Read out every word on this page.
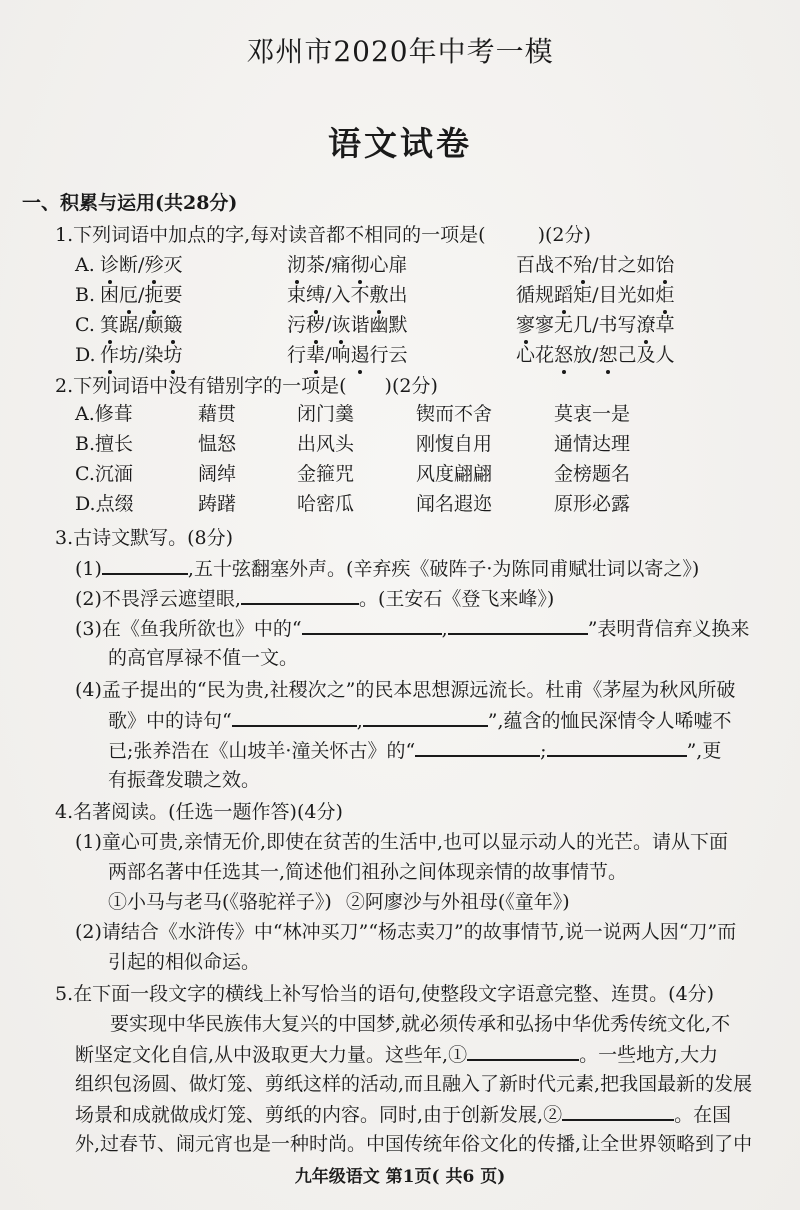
邓州市2020年中考一模
语文试卷
一、积累与运用(共28分)
1.下列词语中加点的字,每对读音都不相同的一项是(	)(2分)
A. 诊断/殄灭	沏茶/痛彻心扉	百战不殆/甘之如饴
B. 困厄/扼要	束缚/入不敷出	循规蹈矩/目光如炬
C. 箕踞/颠簸	污秽/诙谐幽默	寥寥无几/书写潦草
D. 作坊/染坊	行辈/响遏行云	心花怒放/恕己及人
2.下列词语中没有错别字的一项是( )(2分)
A.修葺	藉贯	闭门羹	锲而不舍	莫衷一是
B.擅长	愠怒	出风头	刚愎自用	通情达理
C.沉湎	阔绰	金箍咒	风度翩翩	金榜题名
D.点缀	踌躇	哈密瓜	闻名遐迩	原形必露
3.古诗文默写。(8分)
(1)	,五十弦翻塞外声。(辛弃疾《破阵子·为陈同甫赋壮词以寄之》)
(2)不畏浮云遮望眼,	。(王安石《登飞来峰》)
(3)在《鱼我所欲也》中的“	,	”表明背信弃义换来
的高官厚禄不值一文。
(4)孟子提出的“民为贵,社稷次之”的民本思想源远流长。杜甫《茅屋为秋风所破
歌》中的诗句“	,	”,蕴含的恤民深情令人唏嘘不
已;张养浩在《山坡羊·潼关怀古》的“	;	”,更
有振聋发聩之效。
4.名著阅读。(任选一题作答)(4分)
(1)童心可贵,亲情无价,即使在贫苦的生活中,也可以显示动人的光芒。请从下面
两部名著中任选其一,简述他们祖孙之间体现亲情的故事情节。
①小马与老马(《骆驼祥子》) ②阿廖沙与外祖母(《童年》)
(2)请结合《水浒传》中“林冲买刀”“杨志卖刀”的故事情节,说一说两人因“刀”而
引起的相似命运。
5.在下面一段文字的横线上补写恰当的语句,使整段文字语意完整、连贯。(4分)
要实现中华民族伟大复兴的中国梦,就必须传承和弘扬中华优秀传统文化,不
断坚定文化自信,从中汲取更大力量。这些年,①	。一些地方,大力
组织包汤圆、做灯笼、剪纸这样的活动,而且融入了新时代元素,把我国最新的发展
场景和成就做成灯笼、剪纸的内容。同时,由于创新发展,②	。在国
外,过春节、闹元宵也是一种时尚。中国传统年俗文化的传播,让全世界领略到了中
九年级语文 第1页( 共6 页)
